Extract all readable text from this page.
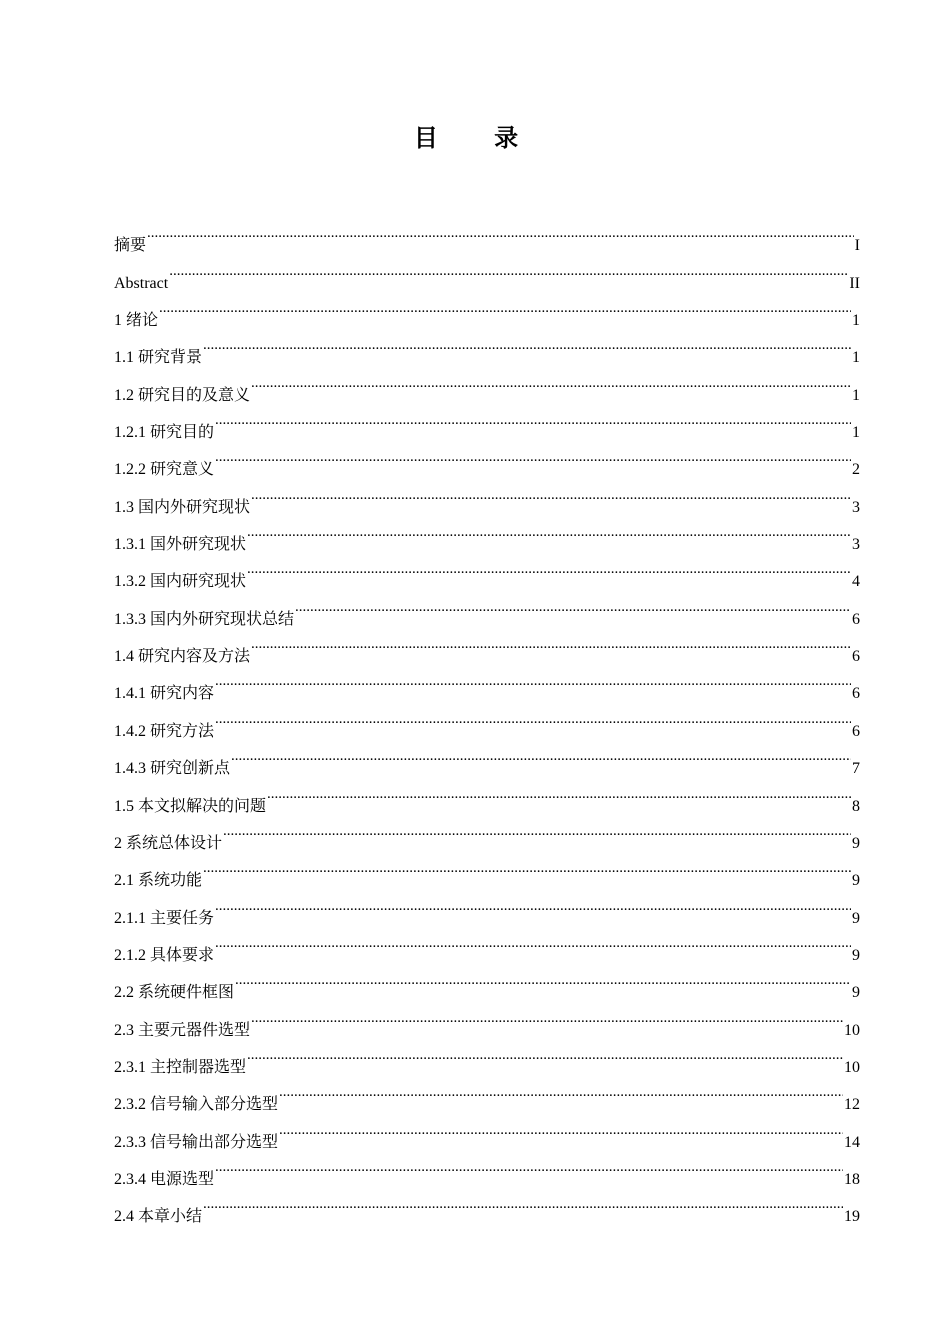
目 录
摘要 .....	I
Abstract .....	II
1 绪论 .....	1
1.1 研究背景 .....	1
1.2 研究目的及意义 .....	1
1.2.1 研究目的 .....	1
1.2.2 研究意义 .....	2
1.3 国内外研究现状 .....	3
1.3.1 国外研究现状 .....	3
1.3.2 国内研究现状 .....	4
1.3.3 国内外研究现状总结 .....	6
1.4 研究内容及方法 .....	6
1.4.1 研究内容 .....	6
1.4.2 研究方法 .....	6
1.4.3 研究创新点 .....	7
1.5 本文拟解决的问题 .....	8
2 系统总体设计 .....	9
2.1 系统功能 .....	9
2.1.1 主要任务 .....	9
2.1.2 具体要求 .....	9
2.2 系统硬件框图 .....	9
2.3 主要元器件选型 .....	10
2.3.1 主控制器选型 .....	10
2.3.2 信号输入部分选型 .....	12
2.3.3 信号输出部分选型 .....	14
2.3.4 电源选型 .....	18
2.4 本章小结 .....	19
